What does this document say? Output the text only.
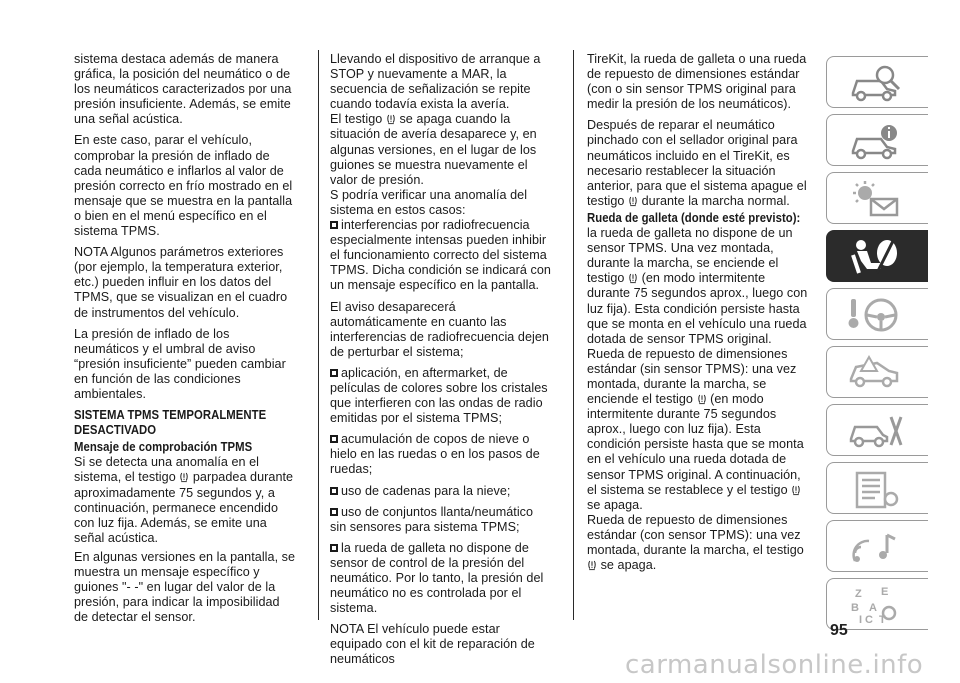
sistema destaca además de manera gráfica, la posición del neumático o de los neumáticos caracterizados por una presión insuficiente. Además, se emite una señal acústica.

En este caso, parar el vehículo, comprobar la presión de inflado de cada neumático e inflarlos al valor de presión correcto en frío mostrado en el mensaje que se muestra en la pantalla o bien en el menú específico en el sistema TPMS.

NOTA Algunos parámetros exteriores (por ejemplo, la temperatura exterior, etc.) pueden influir en los datos del TPMS, que se visualizan en el cuadro de instrumentos del vehículo.

La presión de inflado de los neumáticos y el umbral de aviso “presión insuficiente” pueden cambiar en función de las condiciones ambientales.

SISTEMA TPMS TEMPORALMENTE
DESACTIVADO
Mensaje de comprobación TPMS

Si se detecta una anomalía en el sistema, el testigo parpadea durante aproximadamente 75 segundos y, a continuación, permanece encendido con luz fija. Además, se emite una señal acústica.

En algunas versiones en la pantalla, se muestra un mensaje específico y guiones "- -" en lugar del valor de la presión, para indicar la imposibilidad de detectar el sensor.

Llevando el dispositivo de arranque a STOP y nuevamente a MAR, la secuencia de señalización se repite cuando todavía exista la avería.

El testigo se apaga cuando la situación de avería desaparece y, en algunas versiones, en el lugar de los guiones se muestra nuevamente el valor de presión.

S podría verificar una anomalía del sistema en estos casos:

interferencias por radiofrecuencia especialmente intensas pueden inhibir el funcionamiento correcto del sistema TPMS. Dicha condición se indicará con un mensaje específico en la pantalla.

El aviso desaparecerá automáticamente en cuanto las interferencias de radiofrecuencia dejen de perturbar el sistema;

aplicación, en aftermarket, de películas de colores sobre los cristales que interfieren con las ondas de radio emitidas por el sistema TPMS;

acumulación de copos de nieve o hielo en las ruedas o en los pasos de ruedas;

uso de cadenas para la nieve;

uso de conjuntos llanta/neumático sin sensores para sistema TPMS;

la rueda de galleta no dispone de sensor de control de la presión del neumático. Por lo tanto, la presión del neumático no es controlada por el sistema.

NOTA El vehículo puede estar equipado con el kit de reparación de neumáticos

TireKit, la rueda de galleta o una rueda de repuesto de dimensiones estándar (con o sin sensor TPMS original para medir la presión de los neumáticos).

Después de reparar el neumático pinchado con el sellador original para neumáticos incluido en el TireKit, es necesario restablecer la situación anterior, para que el sistema apague el testigo durante la marcha normal.

Rueda de galleta (donde esté previsto):

la rueda de galleta no dispone de un sensor TPMS. Una vez montada, durante la marcha, se enciende el testigo (en modo intermitente durante 75 segundos aprox., luego con luz fija). Esta condición persiste hasta que se monta en el vehículo una rueda dotada de sensor TPMS original.

Rueda de repuesto de dimensiones estándar (sin sensor TPMS): una vez montada, durante la marcha, se enciende el testigo (en modo intermitente durante 75 segundos aprox., luego con luz fija). Esta condición persiste hasta que se monta en el vehículo una rueda dotada de sensor TPMS original. A continuación, el sistema se restablece y el testigo  se apaga.

Rueda de repuesto de dimensiones estándar (con sensor TPMS): una vez montada, durante la marcha, el testigo  se apaga.

Z E
B A
I C T
95
carmanualsonline.info
